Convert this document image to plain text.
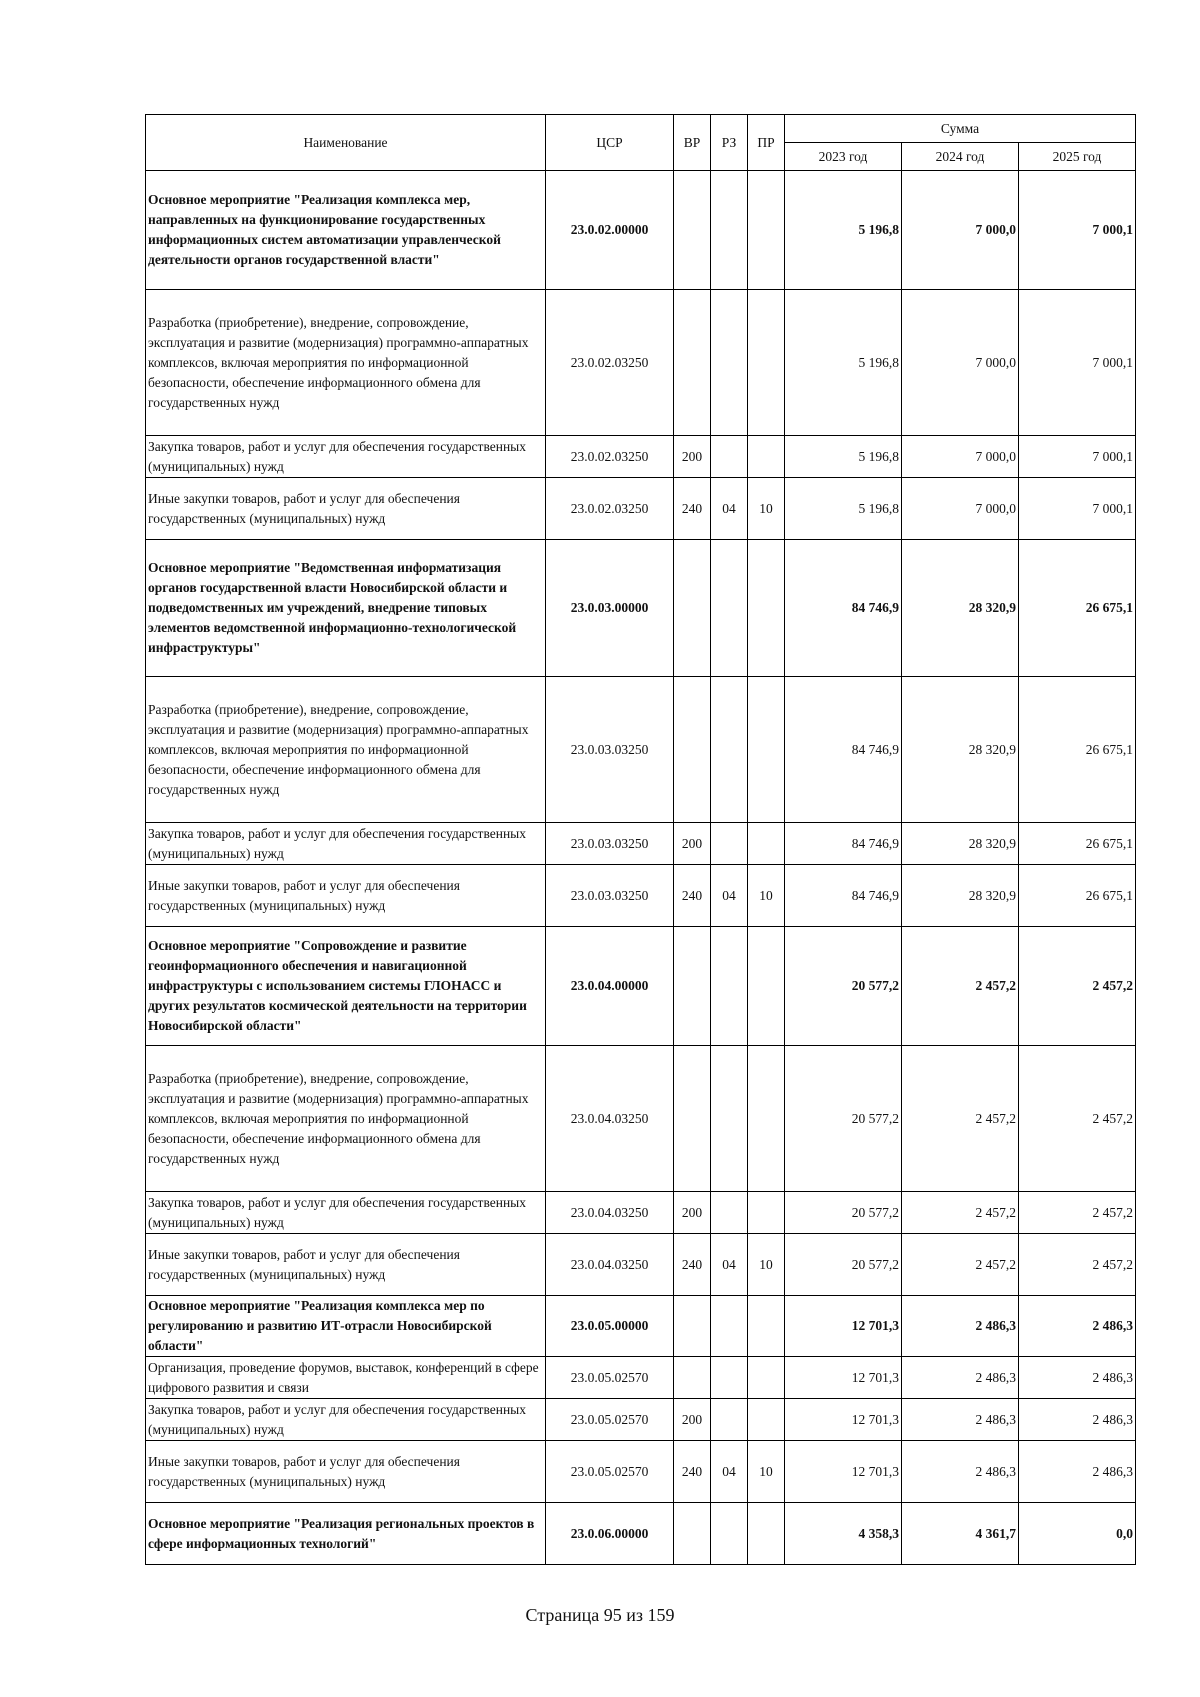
Наименование	ЦСР	ВР	РЗ	ПР	Сумма		
					2023 год	2024 год	2025 год
Основное мероприятие "Реализация комплекса мер, направленных на функционирование государственных информационных систем автоматизации управленческой деятельности органов государственной власти"	23.0.02.00000				5 196,8	7 000,0	7 000,1
Разработка (приобретение), внедрение, сопровождение, эксплуатация и развитие (модернизация) программно-аппаратных комплексов, включая мероприятия по информационной безопасности, обеспечение информационного обмена для государственных нужд	23.0.02.03250				5 196,8	7 000,0	7 000,1
Закупка товаров, работ и услуг для обеспечения государственных (муниципальных) нужд	23.0.02.03250	200			5 196,8	7 000,0	7 000,1
Иные закупки товаров, работ и услуг для обеспечения государственных (муниципальных) нужд	23.0.02.03250	240	04	10	5 196,8	7 000,0	7 000,1
Основное мероприятие "Ведомственная информатизация органов государственной власти Новосибирской области и подведомственных им учреждений, внедрение типовых элементов ведомственной информационно-технологической инфраструктуры"	23.0.03.00000				84 746,9	28 320,9	26 675,1
Разработка (приобретение), внедрение, сопровождение, эксплуатация и развитие (модернизация) программно-аппаратных комплексов, включая мероприятия по информационной безопасности, обеспечение информационного обмена для государственных нужд	23.0.03.03250				84 746,9	28 320,9	26 675,1
Закупка товаров, работ и услуг для обеспечения государственных (муниципальных) нужд	23.0.03.03250	200			84 746,9	28 320,9	26 675,1
Иные закупки товаров, работ и услуг для обеспечения государственных (муниципальных) нужд	23.0.03.03250	240	04	10	84 746,9	28 320,9	26 675,1
Основное мероприятие "Сопровождение и развитие геоинформационного обеспечения и навигационной инфраструктуры с использованием системы ГЛОНАСС и других результатов космической деятельности на территории Новосибирской области"	23.0.04.00000				20 577,2	2 457,2	2 457,2
Разработка (приобретение), внедрение, сопровождение, эксплуатация и развитие (модернизация) программно-аппаратных комплексов, включая мероприятия по информационной безопасности, обеспечение информационного обмена для государственных нужд	23.0.04.03250				20 577,2	2 457,2	2 457,2
Закупка товаров, работ и услуг для обеспечения государственных (муниципальных) нужд	23.0.04.03250	200			20 577,2	2 457,2	2 457,2
Иные закупки товаров, работ и услуг для обеспечения государственных (муниципальных) нужд	23.0.04.03250	240	04	10	20 577,2	2 457,2	2 457,2
Основное мероприятие "Реализация комплекса мер по регулированию и развитию ИТ-отрасли Новосибирской области"	23.0.05.00000				12 701,3	2 486,3	2 486,3
Организация, проведение форумов, выставок, конференций в сфере цифрового развития и связи	23.0.05.02570				12 701,3	2 486,3	2 486,3
Закупка товаров, работ и услуг для обеспечения государственных (муниципальных) нужд	23.0.05.02570	200			12 701,3	2 486,3	2 486,3
Иные закупки товаров, работ и услуг для обеспечения государственных (муниципальных) нужд	23.0.05.02570	240	04	10	12 701,3	2 486,3	2 486,3
Основное мероприятие "Реализация региональных проектов в сфере информационных технологий"	23.0.06.00000				4 358,3	4 361,7	0,0
Страница 95 из 159
